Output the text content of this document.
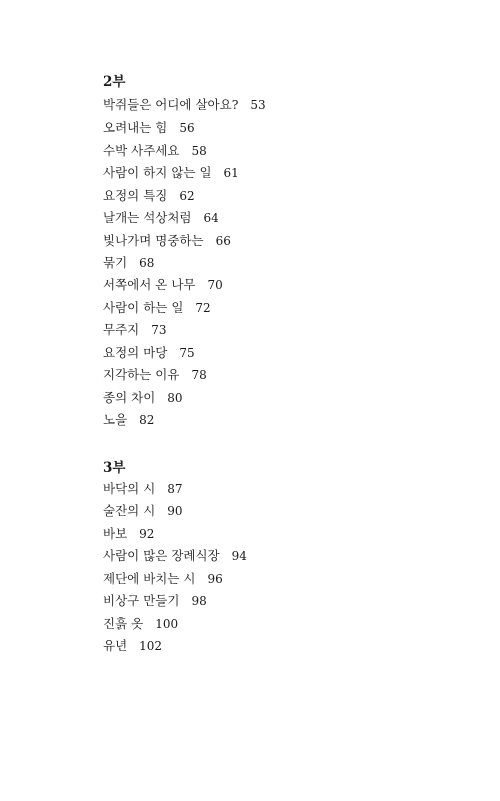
2부
박쥐들은 어디에 살아요? 53
오려내는 힘 56
수박 사주세요 58
사람이 하지 않는 일 61
요정의 특징 62
날개는 석상처럼 64
빛나가며 명중하는 66
묶기 68
서쪽에서 온 나무 70
사람이 하는 일 72
무주지 73
요정의 마당 75
지각하는 이유 78
종의 차이 80
노을 82
3부
바닥의 시 87
술잔의 시 90
바보 92
사람이 많은 장례식장 94
제단에 바치는 시 96
비상구 만들기 98
진흙 옷 100
유년 102
